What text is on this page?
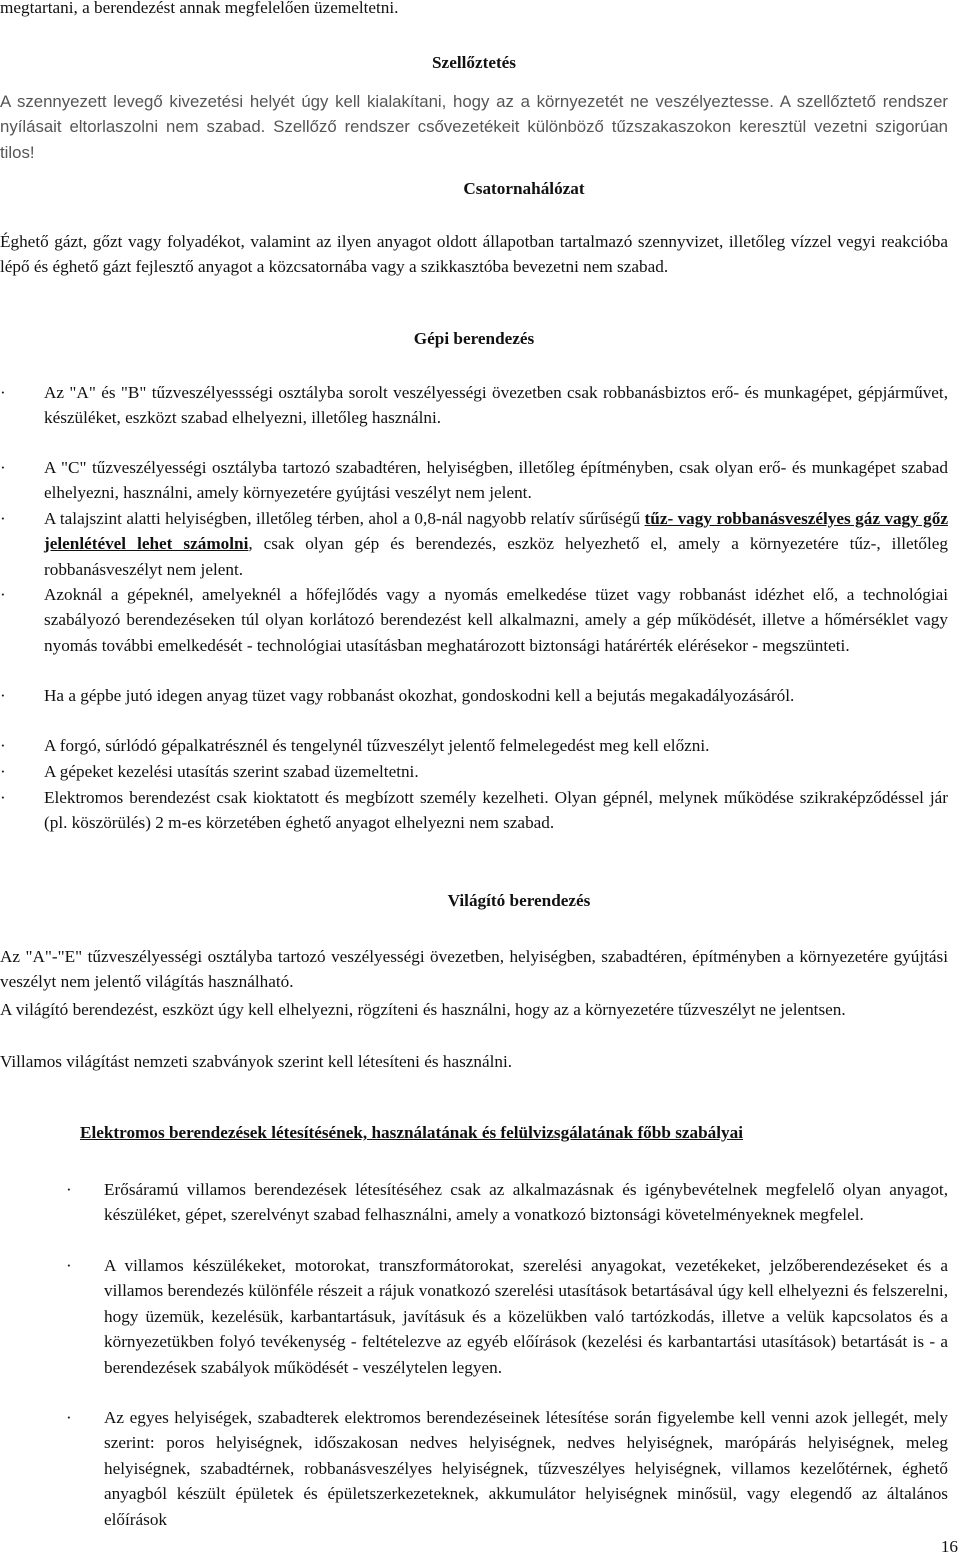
megtartani, a berendezést annak megfelelően üzemeltetni.

Szellőztetés

A szennyezett levegő kivezetési helyét úgy kell kialakítani, hogy az a környezetét ne veszélyeztesse. A szellőztető rendszer nyílásait eltorlaszolni nem szabad. Szellőző rendszer csővezetékeit különböző tűzszakaszokon keresztül vezetni szigorúan tilos!

Csatornahálózat

Éghető gázt, gőzt vagy folyadékot, valamint az ilyen anyagot oldott állapotban tartalmazó szennyvizet, illetőleg vízzel vegyi reakcióba lépő és éghető gázt fejlesztő anyagot a közcsatornába vagy a szikkasztóba bevezetni nem szabad.

Gépi berendezés

·	Az "A" és "B" tűzveszélyessségi osztályba sorolt veszélyességi övezetben csak robbanásbiztos erő- és munkagépet, gépjárművet, készüléket, eszközt szabad elhelyezni, illetőleg használni.
·	A "C" tűzveszélyességi osztályba tartozó szabadtéren, helyiségben, illetőleg építményben, csak olyan erő- és munkagépet szabad elhelyezni, használni, amely környezetére gyújtási veszélyt nem jelent.
·	A talajszint alatti helyiségben, illetőleg térben, ahol a 0,8-nál nagyobb relatív sűrűségű tűz- vagy robbanásveszélyes gáz vagy gőz jelenlétével lehet számolni, csak olyan gép és berendezés, eszköz helyezhető el, amely a környezetére tűz-, illetőleg robbanásveszélyt nem jelent.
·	Azoknál a gépeknél, amelyeknél a hőfejlődés vagy a nyomás emelkedése tüzet vagy robbanást idézhet elő, a technológiai szabályozó berendezéseken túl olyan korlátozó berendezést kell alkalmazni, amely a gép működését, illetve a hőmérséklet vagy nyomás további emelkedését - technológiai utasításban meghatározott biztonsági határérték elérésekor - megszünteti.
·	Ha a gépbe jutó idegen anyag tüzet vagy robbanást okozhat, gondoskodni kell a bejutás megakadályozásáról.
·	A forgó, súrlódó gépalkatrésznél és tengelynél tűzveszélyt jelentő felmelegedést meg kell előzni.
·	A gépeket kezelési utasítás szerint szabad üzemeltetni.
·	Elektromos berendezést csak kioktatott és megbízott személy kezelheti. Olyan gépnél, melynek működése szikraképződéssel jár (pl. köszörülés) 2 m-es körzetében éghető anyagot elhelyezni nem szabad.

Világító berendezés

Az "A"-"E" tűzveszélyességi osztályba tartozó veszélyességi övezetben, helyiségben, szabadtéren, építményben a környezetére gyújtási veszélyt nem jelentő világítás használható.

A világító berendezést, eszközt úgy kell elhelyezni, rögzíteni és használni, hogy az a környezetére tűzveszélyt ne jelentsen.

Villamos világítást nemzeti szabványok szerint kell létesíteni és használni.

Elektromos berendezések létesítésének, használatának és felülvizsgálatának főbb szabályai

·	Erősáramú villamos berendezések létesítéséhez csak az alkalmazásnak és igénybevételnek megfelelő olyan anyagot, készüléket, gépet, szerelvényt szabad felhasználni, amely a vonatkozó biztonsági követelményeknek megfelel.
·	A villamos készülékeket, motorokat, transzformátorokat, szerelési anyagokat, vezetékeket, jelzőberendezéseket és a villamos berendezés különféle részeit a rájuk vonatkozó szerelési utasítások betartásával úgy kell elhelyezni és felszerelni, hogy üzemük, kezelésük, karbantartásuk, javításuk és a közelükben való tartózkodás, illetve a velük kapcsolatos és a környezetükben folyó tevékenység - feltételezve az egyéb előírások (kezelési és karbantartási utasítások) betartását is - a berendezések szabályok működését - veszélytelen legyen.
·	Az egyes helyiségek, szabadterek elektromos berendezéseinek létesítése során figyelembe kell venni azok jellegét, mely szerint: poros helyiségnek, időszakosan nedves helyiségnek, nedves helyiségnek, marópárás helyiségnek, meleg helyiségnek, szabadtérnek, robbanásveszélyes helyiségnek, tűzveszélyes helyiségnek, villamos kezelőtérnek, éghető anyagból készült épületek és épületszerkezeteknek, akkumulátor helyiségnek minősül, vagy elegendő az általános előírások
16
